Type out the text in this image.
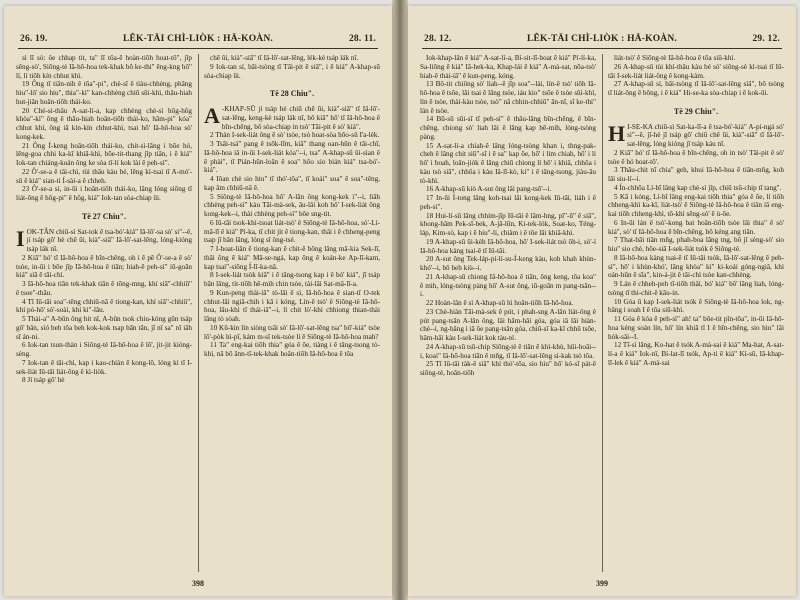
LÊK-TĀI CHÌ-LIÒK : HĀ-KOÀN.
26. 19.	28. 11.

sì lī sò: ôe chhap tit, ta" lī tôa-ê hoàn-tiōh hoat-tō", jîp sêng-sò', Siōng-tè Iâ-hô-hoa tek-khak bô ke-thi" êng-kng hō" lí, lí tiōh kín chhut khì.

19 Ông tī tiān-nih ê tōa"-pi", chè-sī ê tiàu-chhèng, phâng hiu"-lô' sio hiu", thia"-kì" kan-chhèng chiū sūi-khì, thâu-hiah hut-jiân hoân-tiōh thái-ko.

20 Chè-si-thâu A-sat-lí-a, kap chhèng chè-sì hōg-hōg khòa"-kì" ông ê thâu-hiah hoân-tiōh thái-ko, hām-pi" kóa" chhut khì, ông iā kín-kín chhut-khì, tsai hō' Iâ-hô-hoa sò' kong-kek.

21 Ông Í-keng hoân-tiōh thái-ko, chit-sì-lâng i bōe hó, lêng-goa chhi ka-kī khiā-khì, bōe-tit-thang jîp tiān, i ê kiá" Iok-tan chiáng-koán ông ke sòa tī-lí kok lài ê peh-sì".

22 Ô'-se-a ê tāi-chì, tùi thâu kàu bé, lêng kì-tsai tī A-mò'-sū ê kiá" sian-ti Í-sài-a ê chheh.

23 Ô'-se-a sí, in-ūi i hoân-tiōh thái-ko, lâng lóng siōng tī liát-ông ê hōg-pi" ê hōg, kiá" Iok-tan sòa-chiap ūi.

Tē 27 Chiu".

IOK-TÂN chiū-sì Sat-tok ê tsa-bó'-kiá" Iâ-lō'-sa sò' si"--ê, jí tsáp gō' hè chē ūi, kià"-siā" Iâ-lō'-sat-lêng, lóng-kióng tsáp lák nî.

2 Kiā" hó' tī Iâ-hô-hoa ê bīn-chêng, oh i ê pē Ô'-se-a ê sò' tsòe, in-ūi i bōe jīp Iâ-hô-hoa ê tiān; hiah-ê peh-sì" iū-goān kiá" siā ê tāi-chì.

3 Iâ-hô-hoa tiān tek-khak tiān ê tōng-mng, khí siā"-chhiū" ê tsoe"-thâu.

4 Tī Iû-tāi soa"-têng chhiū-nâ ê tiong-kan, khí siā"-chhiū", khí pó-hō' sò'-soài, khí ki"-lâu.

5 Thài-a" A-bûn ông hit nî, A-bûn tsok chiu-kóng gūn tsáp gō' bān, sió beh tōa beh kok-kok tsap bān tān, jī nî sa" nî iāh sī án-ni.

6 Iok-tan tsun-thàn i Siōng-tè Iâ-hô-hoa ê lō', jit-jit kióng-sèng.

7 Iok-tan ê tāi-chì, kap i kau-chiàn ê kong-lô, lóng kì tī I-sek-liát Iû-tāi liát-ông ê kì-liòk.

8 Jí tsáp gō' hè

chē ūi, kià"-siā" tī Iâ-lō'-sat-lêng, lék-kè tsáp lák nî.

9 Iok-tan sí, bāi-tsòng tī Tāi-pit ê siā", i ê kiá" A-khap-sū sòa-chiap ūi.

Tē 28 Chiu".

A -KHAP-SŪ jí tsáp hè chiū chē ūi, kià"-siā" tī Iâ-lō'-sat-lêng, keng-kè tsáp lák nî, bô kiâ" hō' tī Iâ-hô-hoa ê bīn-chêng, bô sòa-chiap in tsò' Tāi-pit ê sò' kià".

2 Thàn I-sek-liát ông ê sò' tsòe, tsò hoat-sòa hōo-sū I'a-lèk.

3 Tsāi-tsá" pang ê tsōk-līm, kiâ" thang oan-hūn ê tāi-chī, Iâ-hô-hoa iā in-ūi I-sek-liát kóa"--i, tsa" A-khap-sū ûi-sian ê ê phài", tī Pián-hûn-loân ê soa" hōo sio bián kiá" tsa-bó'-kiá".

4 Iôan chè sio hiu" tī thó'-tōa", tī koái" soa" ē soa"-têng, kap âm chhiū-nâ ē.

5 Siōng-tè Iâ-hô-hoa hō' A-lân ông kong-kek i"--i, liâh chhèng peh-sì" kàu Tāi-mà-sek, āu-lâi koh hō' I-sek-liát ông kong-kek--i, thài chhèng peh-sì" bōe sng-tit.

6 Iû-tāi tsok-khì-tsoat liát-tsò' ê Siōng-tè Iâ-hô-hoa, sò'-Lí-mā-lī ê kiá" Pi-ka, tī chit jit ê tiong-kan, thâi i ê chheng-peng tsap jī bān lâng, lóng sī ông-tsé.

7 I-hoat-liân ê tiong-kan ê chit-ê bōng lâng mâ-kia Sek-lī, thâi ông ê kiá" Mâ-se-ngá, kap ông ê koán-ke Ap-lī-kam, kap tsai"-siōng Í-lī-ka-nâ.

8 I-sek-liát tsòk kiâ" i ê tāng-tsong kap i ê bó' kiá", jī tsáp bān lâng, tit-tiōh hē-mih chin tsòe, tài-lâi Sat-mâ-lī-a.

9 Kun-peng thài-iā" tò-lâi ê sì, Iâ-hô-hoa ê sian-tī O-tek chhut-lâi ngiâ-chih i kā i kóng, Lín-ê tsò' ê Siōng-tè Iâ-hô-hoa, lâu-khì tī thái-iā"--i, lí chit lò'-khì chhiong thian-thài lâng tò sòah.

10 Kū-kin lín siòng tsāi sò' Iâ-lō'-sat-lêng tsa" bō'-kiá" tsòe lô'-pòk lú-pī, kám m-sī tek-tsòe lí ê Siōng-tè Iâ-hô-hoa mah?

11 Ta" eng-kai tiōh thia" góa ê ōe, tiàng i ê tāng-tsong tò-khì, nā bô ânn-tī-tek-khak hoân-tiōh Iâ-hô-hoa ê tōa

398
LÊK-TĀI CHÌ-LIÒK : HĀ-KOÀN.
28. 12.	29. 12.

Iok-khap-lân ê kiá" A-sat-lí-a, Bí-sit-lī-boat ê kiá" Pí-lí-ka, Sa-liōng ê kiá" Iâ-hek-ka, Khap-lái ê kiá" A-mà-sat, nōa-tsò' hiah-ê thài-iā" ê kun-peng, kóng.

13 Bô-tit chiōng sò' liah--ê jîp soa"--lài, lín-ê tsò' tiōh Iâ-hô-hoa ê tsōe, lâi tsai ê lâng tsòe, iáu kio" tsōe ê tsòe sūi-khì, lín ê tsòe, thài-kàu tsòe, tsò" nā chhin-chhiū" ān-nī, sī ke-thi" lán ê tsòe.

14 Bû-sū sūi-sī tī peh-sì" ê thâu-lâng bīn-chêng, ê bīn-chêng, chiong sò' liah lâi ê lâng kap bē-mih, lóng-tsòng pàng.

15 A-sat-lí-a chiah-ê lâng lóng-tsòng khan i, thng-pak-cheh ê lâng chit siū"-sī i ê sa" kap ōe, hō' i lim chiah, hō' i li hō' i boah, loân-jiók ê lâng chiū chiong lí hō' i khiâ, chhōa i kàu tsò siā", chhōa i kàu Iâ-lī-kò, ki" i ê tāng-tsong, jiàu-āu tò-khì.

16 A-khap-sū kiò A-sut ông lâi pang-tsō'--i.

17 In-ūi Í-tong lâng koh-tsai lâi kong-kek Iû-tāi, liáh i ê peh-sì".

18 Hui-lí-sū lâng chhim-jīp Iû-tāi ê lâm-hng, pî"-ū" ê siā", khong-hām Pek-sī-bek, A-jā-lūn, Ki-tek-lók, Soat-ko, Téng-láp, Kim-sò, kap i ê hiu"-lí, chiàm i ê tōe lâi khiā-khì.

19 A-khap-sū ūi-kèh Iâ-hô-hoa, hō' I-sek-liát tsò ōh-i, sò'-ì Iâ-hô-hoa kàng tsai-ē tī Iû-tāi.

20 A-sut ông Tek-láp-pí-lí-su-Í-keng kàu, koh khah khùn-khó'--i, bô beh kiù--i.

21 A-khap-sū chiong Iâ-hô-hoa ê tiān, ông keng, tōa koa" ê mih, lóng-tsòng pàng hō' A-sut ông, iū-goān m pang-tsān--i.

22 Hoàn-lân ê sì A-khap-sū lú hoân-tiōh Iâ-hô-hoa.

23 Chè-hiàn Tāi-mà-sek ê pút, i phah-sng A-lân liát-ông ê pút pang-tsān A-lân ông, lâi hām-hāi góa, góa iā lâi hiàn-chè--i, ng-bāng i iā ōe pang-tsān góa, chiū-sī ka-kī chhū tsōe, hām-hāi kàu I-sek-liát kok tàu-té.

24 A-khap-sū tsū-chip Siōng-tè ê tiān ê khì-khù, hūi-hoāi--i, koai" Iâ-hô-hoa tiān ê mn̂g, tī Iâ-lō'-sat-lêng sì-kak tsò tōa.

25 Tī Iû-tāi tàk-ê siā" khí thó'-tōa, sio hiu" hō' kó-sī pát-ê siōng-tè, hoân-tiōh

liát-tsò' ê Siōng-tè Iâ-hô-hoa ê tōa siū-khì.

26 A-khap-sū tùi khí-thâu kàu bé só' siông-sè kì-tsai tī Iû-tāi I-sek-liát liát-ông ê kong-kàm.

27 A-khap-sū sí, bāi-tsòng tī Iâ-lō'-sat-lêng siā", bô tsòng tī liát-ông ê bōng, i ê kiá" Hi-se-ka sòa-chiap i ê kok-ūi.

Tē 29 Chiu".

H I-SE-KA chiū-sì Sat-ka-lī-a ê tsa-bó'-kiá" A-pi-ngá só' si"--ê, jī-hè jī tsáp gō' chiū chē ūi, kià"-siā" tī Iâ-lō'-sat-lêng, lóng kióng jī tsáp káu nî.

2 Kiā" hó' tī Iâ-hô-hoa ê bīn-chêng, oh in tsò' Tāi-pit ê sò' tsòe ê hó hoat-tō'.

3 Thâu-chit nî chia" geh, khui Iâ-hô-hoa ê tiān-mn̂g, koh lâi siu-lí--i.

4 Ín-chhōa Lí-bī lâng kap chè-sì jīp, chiū tsū-chip tī tang".

5 Kā i kóng, Lí-bī lâng eng-kai tiōh thia" góa ê ōe, lí tiōh chheng-khì ka-kī, liát-tsò' ê Siōng-tè Iâ-hô-hoa ê tiān iā eng-kai tiōh chheng-khì, tō-khì sêng-sò' ê ù-ōe.

6 In-ūi lán ê tsò'-kong bat hoân-tiōh tsòe lâi thia" ê sò' kiá", sò' tī Iâ-hô-hoa ê bīn-chêng, bô kéng ang tiān.

7 That-bāi tiān mn̂g, phah-boa lāng tng, bô jī sèng-sò' sio hiu" sio chè, hōe-siā I-sek-liát tsók ê Siōng-tè.

8 Iâ-hô-hoa kàng tsai-ē tī Iû-tāi tsók, Iâ-lō'-sat-lêng ê peh-sì", hō' i khùn-khó', lâng khòa" kì" ki-koái góng-ngiâ, khì oán-hūn ê sīa", kin-á-jit ê tāi-chì tsòe kan-chhèng.

9 Lán ê chheh-peh tī-tiōh thâi, bó' kiá" bô' lâng liah, lóng-tsòng tī thi-chit-ê kâu-in.

10 Góa ū kap I-sek-liát tsók ê Siōng-tè Iâ-hô-hoa lok, ng-bāng i soah I ê tōa siū-khì.

11 Góa ê kóa ê peh-sì" ah! ta" bōe-tit pîn-tōa", in-ūi Iâ-hô-hoa kéng soán lín, hō' lín khiā tī I ê bīn-chêng, sio hiu" lâi hók-sāi--I.

12 Tī-sì lâng, Ko-hat ê tsók A-mà-sai ê kiá" Ma-hat, A-sat-lí-a ê kiá" Iok-nî, Bí-lat-lī tsók, Ap-ti ê kiá" Kì-sū, Iâ-khap-lī-lek ê kiá" A-mà-sai

399
